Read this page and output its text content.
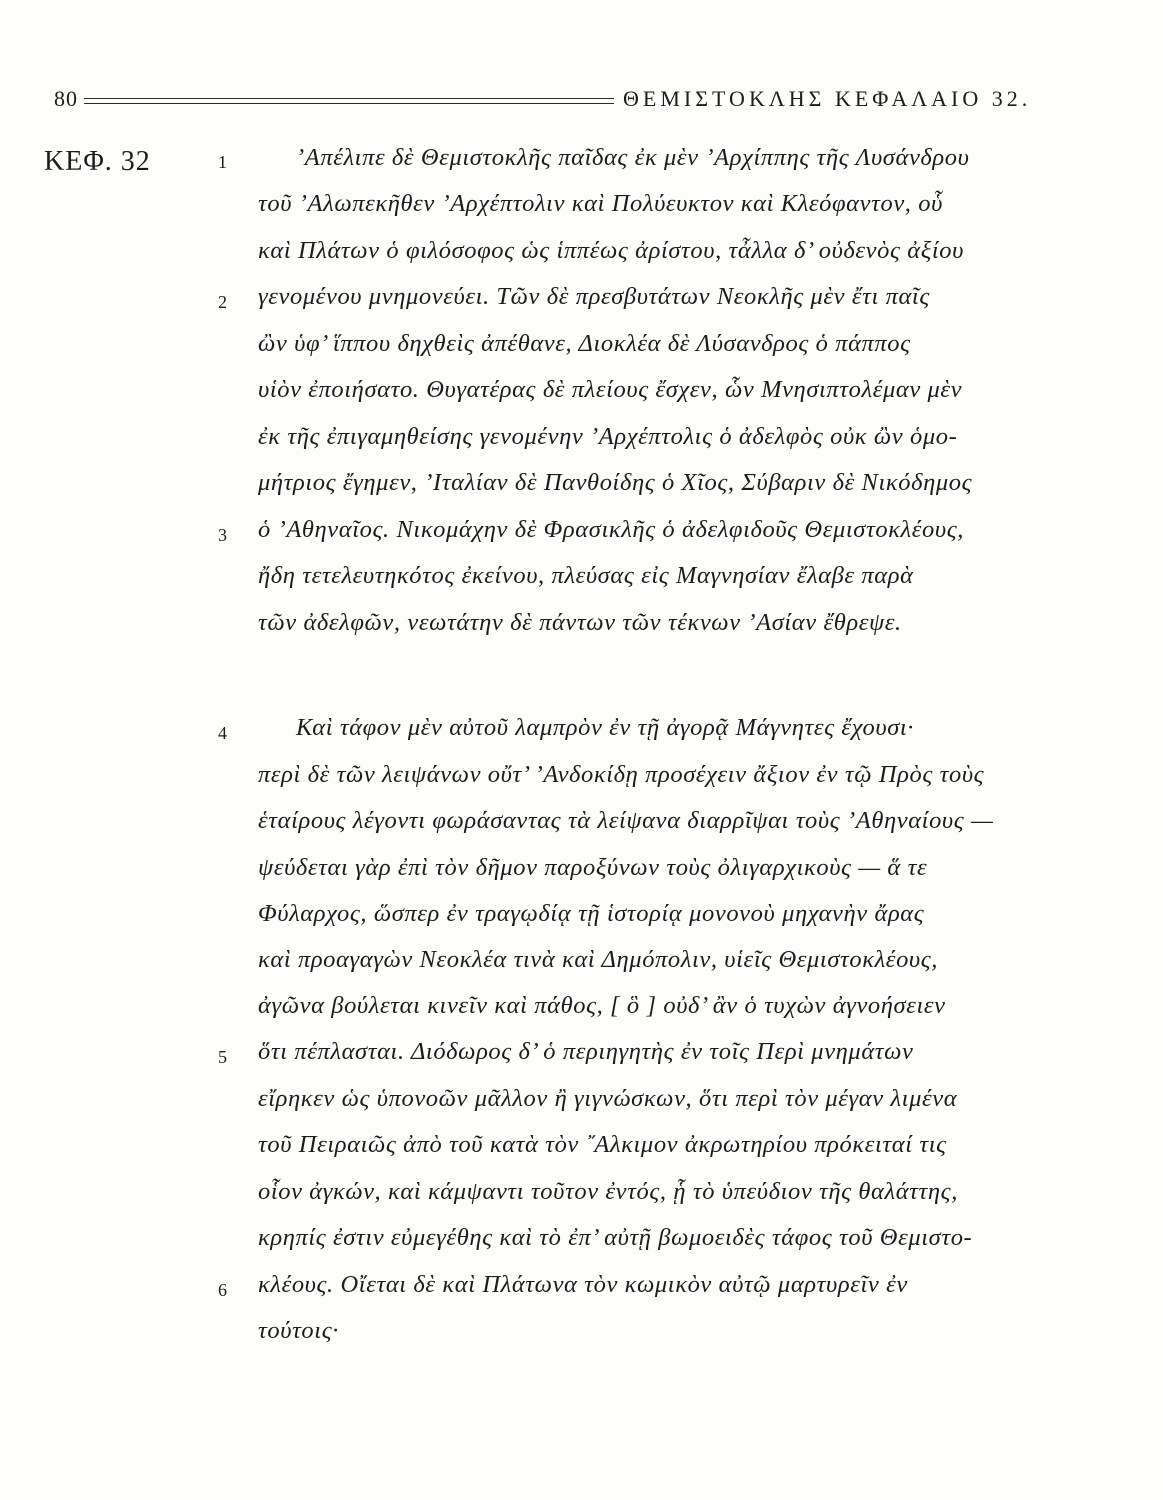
80	ΘΕΜΙΣΤΟΚΛΗΣ ΚΕΦΑΛΑΙΟ 32.
ΚΕΦ. 32	1
2
3
4
5
6
’Απέλιπε δὲ Θεμιστοκλῆς παῖδας ἐκ μὲν ’Αρχίππης τῆς Λυσάνδρου
τοῦ ’Αλωπεκῆθεν ’Αρχέπτολιν καὶ Πολύευκτον καὶ Κλεόφαντον, οὗ
καὶ Πλάτων ὁ φιλόσοφος ὡς ἱππέως ἀρίστου, τἆλλα δ’ οὐδενὸς ἀξίου
γενομένου μνημονεύει. Τῶν δὲ πρεσβυτάτων Νεοκλῆς μὲν ἔτι παῖς
ὢν ὑφ’ ἵππου δηχθεὶς ἀπέθανε, Διοκλέα δὲ Λύσανδρος ὁ πάππος
υἱὸν ἐποιήσατο. Θυγατέρας δὲ πλείους ἔσχεν, ὧν Μνησιπτολέμαν μὲν
ἐκ τῆς ἐπιγαμηθείσης γενομένην ’Αρχέπτολις ὁ ἀδελφὸς οὐκ ὢν ὁμο-
μήτριος ἔγημεν, ’Ιταλίαν δὲ Πανθοίδης ὁ Χῖος, Σύβαριν δὲ Νικόδημος
ὁ ’Αθηναῖος. Νικομάχην δὲ Φρασικλῆς ὁ ἀδελφιδοῦς Θεμιστοκλέους,
ἤδη τετελευτηκότος ἐκείνου, πλεύσας εἰς Μαγνησίαν ἔλαβε παρὰ
τῶν ἀδελφῶν, νεωτάτην δὲ πάντων τῶν τέκνων ’Ασίαν ἔθρεψε.
Καὶ τάφον μὲν αὐτοῦ λαμπρὸν ἐν τῇ ἀγορᾷ Μάγνητες ἔχουσι·
περὶ δὲ τῶν λειψάνων οὔτ’ ’Ανδοκίδῃ προσέχειν ἄξιον ἐν τῷ Πρὸς τοὺς
ἑταίρους λέγοντι φωράσαντας τὰ λείψανα διαρρῖψαι τοὺς ’Αθηναίους —
ψεύδεται γὰρ ἐπὶ τὸν δῆμον παροξύνων τοὺς ὀλιγαρχικοὺς — ἅ τε
Φύλαρχος, ὥσπερ ἐν τραγῳδίᾳ τῇ ἱστορίᾳ μονονοὺ μηχανὴν ἄρας
καὶ προαγαγὼν Νεοκλέα τινὰ καὶ Δημόπολιν, υἱεῖς Θεμιστοκλέους,
ἀγῶνα βούλεται κινεῖν καὶ πάθος, [ ὃ ] οὐδ’ ἂν ὁ τυχὼν ἀγνοήσειεν
ὅτι πέπλασται. Διόδωρος δ’ ὁ περιηγητὴς ἐν τοῖς Περὶ μνημάτων
εἴρηκεν ὡς ὑπονοῶν μᾶλλον ἢ γιγνώσκων, ὅτι περὶ τὸν μέγαν λιμένα
τοῦ Πειραιῶς ἀπὸ τοῦ κατὰ τὸν ῎Αλκιμον ἀκρωτηρίου πρόκειταί τις
οἷον ἀγκών, καὶ κάμψαντι τοῦτον ἐντός, ᾗ τὸ ὑπεύδιον τῆς θαλάττης,
κρηπίς ἐστιν εὐμεγέθης καὶ τὸ ἐπ’ αὐτῇ βωμοειδὲς τάφος τοῦ Θεμιστο-
κλέους. Οἴεται δὲ καὶ Πλάτωνα τὸν κωμικὸν αὐτῷ μαρτυρεῖν ἐν
τούτοις·
